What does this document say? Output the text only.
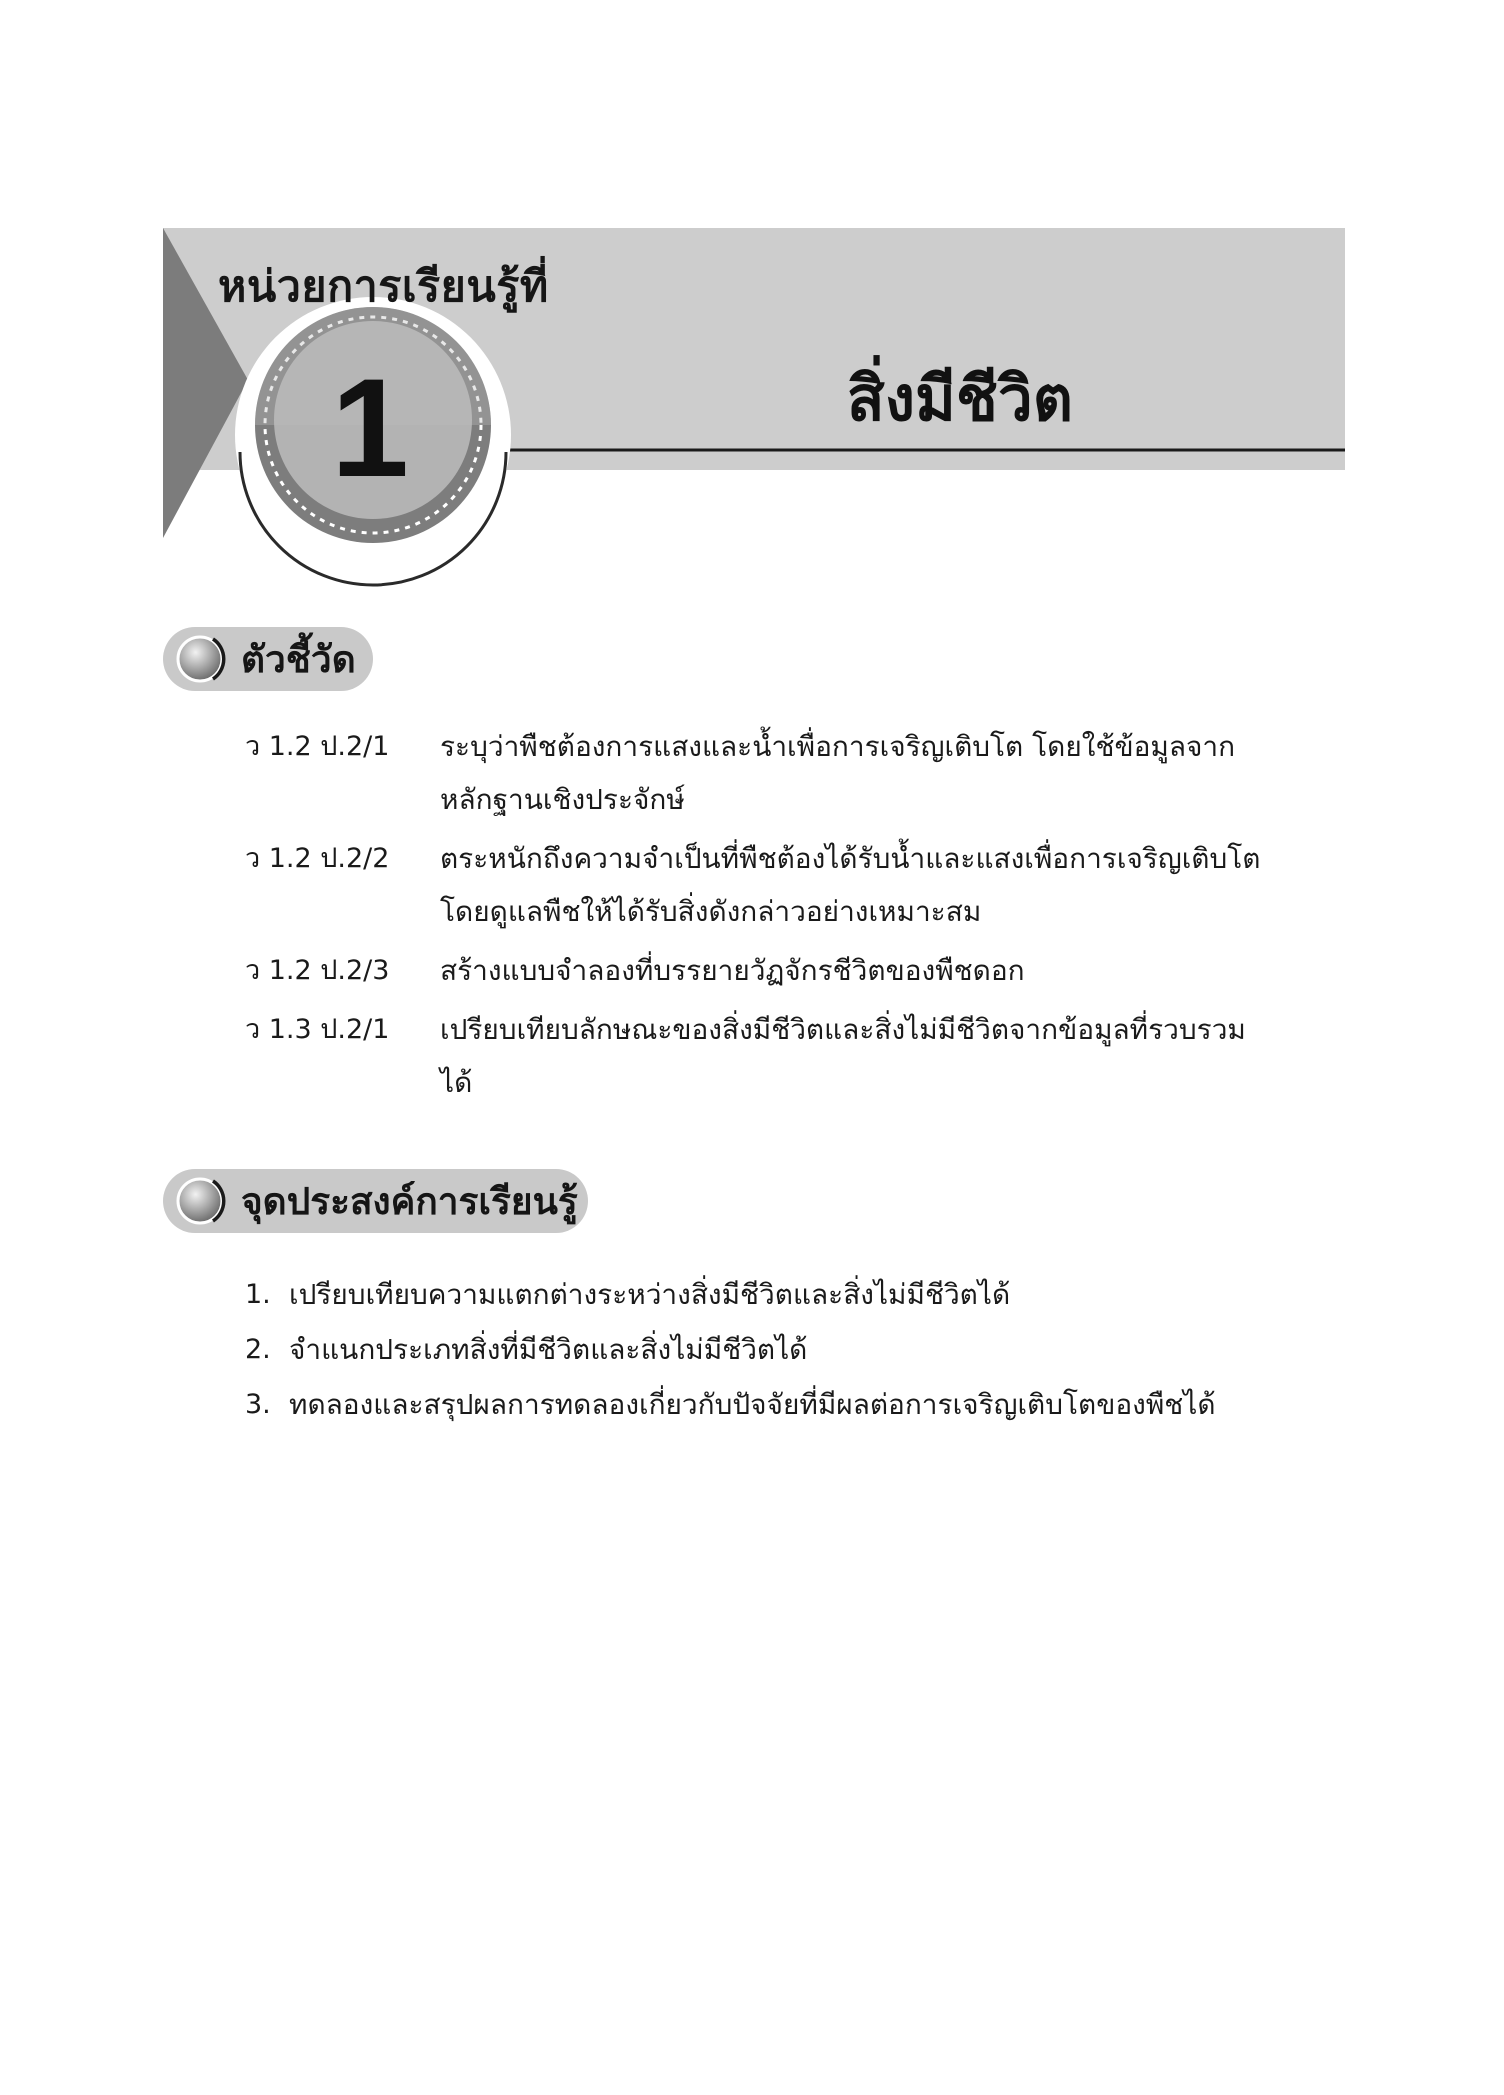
หน่วยการเรียนรู้ที่
1	สิ่งมีชีวิต
ตัวชี้วัด
ว 1.2 ป.2/1	ระบุว่าพืชต้องการแสงและน้ำเพื่อการเจริญเติบโต โดยใช้ข้อมูลจากหลักฐานเชิงประจักษ์
ว 1.2 ป.2/2	ตระหนักถึงความจำเป็นที่พืชต้องได้รับน้ำและแสงเพื่อการเจริญเติบโต โดยดูแลพืชให้ได้รับสิ่งดังกล่าวอย่างเหมาะสม
ว 1.2 ป.2/3	สร้างแบบจำลองที่บรรยายวัฏจักรชีวิตของพืชดอก
ว 1.3 ป.2/1	เปรียบเทียบลักษณะของสิ่งมีชีวิตและสิ่งไม่มีชีวิตจากข้อมูลที่รวบรวมได้
จุดประสงค์การเรียนรู้
1. เปรียบเทียบความแตกต่างระหว่างสิ่งมีชีวิตและสิ่งไม่มีชีวิตได้
2. จำแนกประเภทสิ่งที่มีชีวิตและสิ่งไม่มีชีวิตได้
3. ทดลองและสรุปผลการทดลองเกี่ยวกับปัจจัยที่มีผลต่อการเจริญเติบโตของพืชได้
